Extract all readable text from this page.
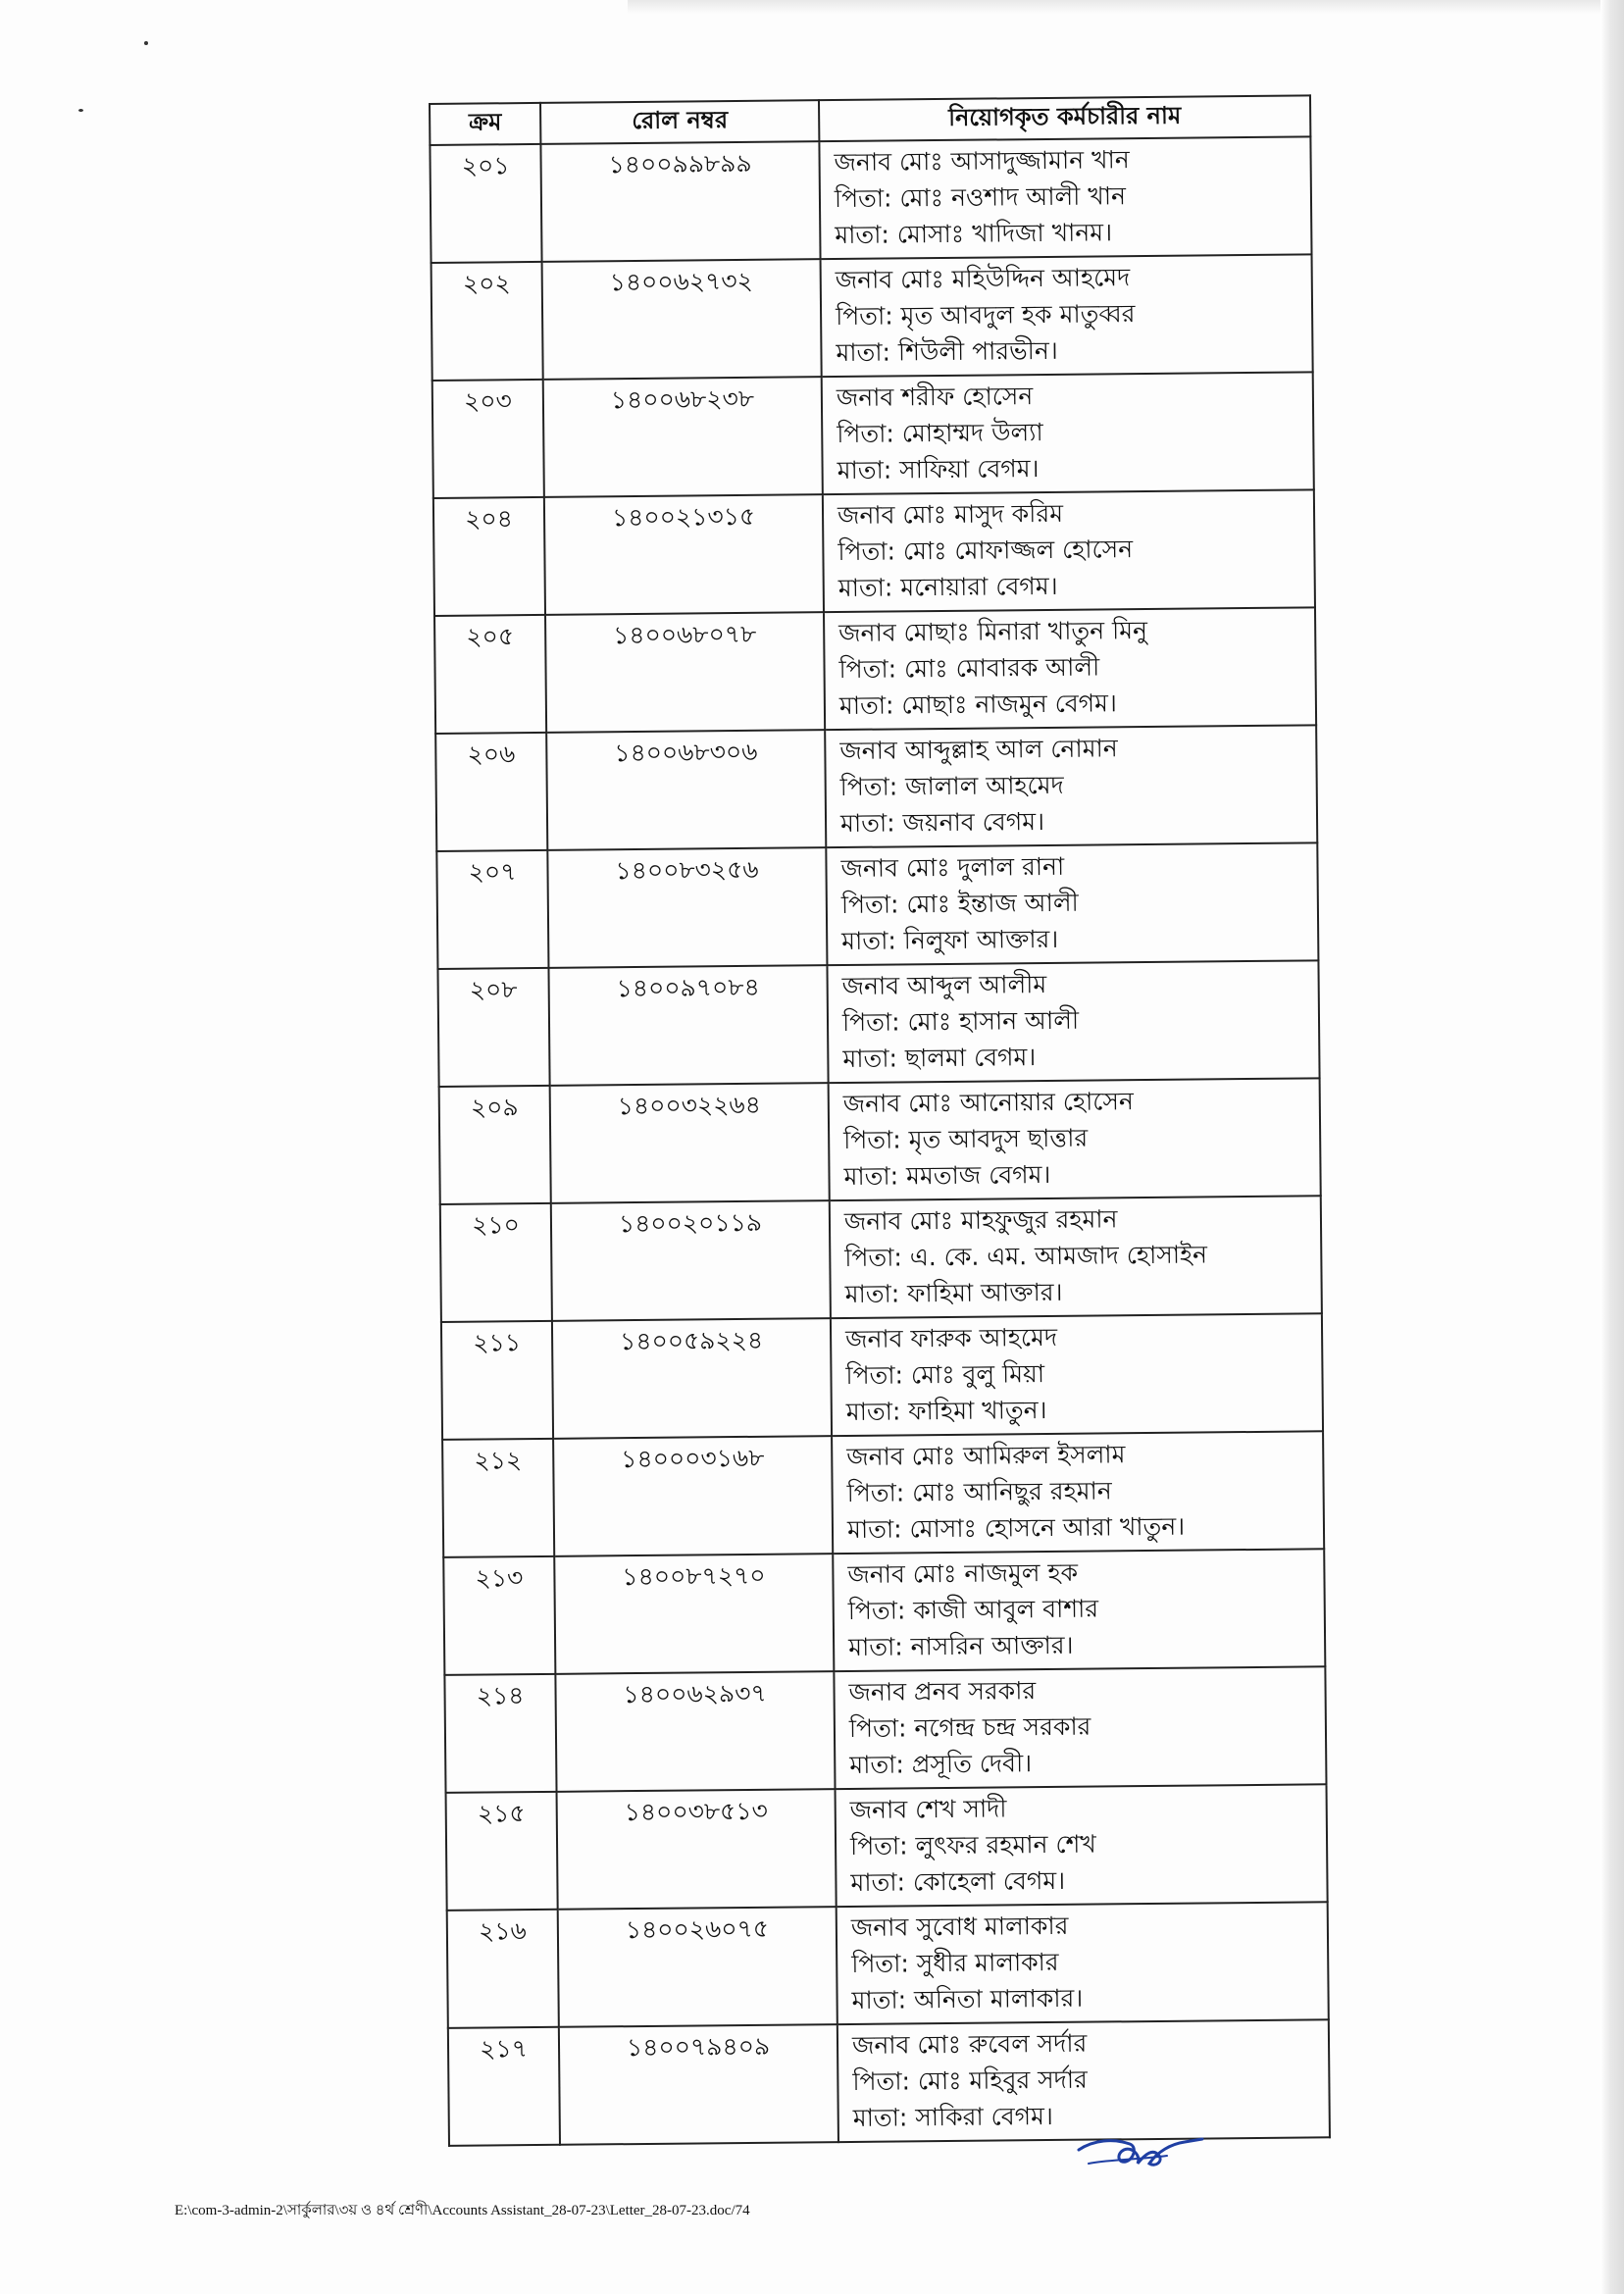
ক্রম	রোল নম্বর	নিয়োগকৃত কর্মচারীর নাম
২০১	১৪০০৯৯৮৯৯	জনাব মোঃ আসাদুজ্জামান খান
পিতা: মোঃ নওশাদ আলী খান
মাতা: মোসাঃ খাদিজা খানম।

২০২	১৪০০৬২৭৩২	জনাব মোঃ মহিউদ্দিন আহমেদ
পিতা: মৃত আবদুল হক মাতুব্বর
মাতা: শিউলী পারভীন।

২০৩	১৪০০৬৮২৩৮	জনাব শরীফ হোসেন
পিতা: মোহাম্মদ উল্যা
মাতা: সাফিয়া বেগম।

২০৪	১৪০০২১৩১৫	জনাব মোঃ মাসুদ করিম
পিতা: মোঃ মোফাজ্জল হোসেন
মাতা: মনোয়ারা বেগম।

২০৫	১৪০০৬৮০৭৮	জনাব মোছাঃ মিনারা খাতুন মিনু
পিতা: মোঃ মোবারক আলী
মাতা: মোছাঃ নাজমুন বেগম।

২০৬	১৪০০৬৮৩০৬	জনাব আব্দুল্লাহ আল নোমান
পিতা: জালাল আহমেদ
মাতা: জয়নাব বেগম।

২০৭	১৪০০৮৩২৫৬	জনাব মোঃ দুলাল রানা
পিতা: মোঃ ইন্তাজ আলী
মাতা: নিলুফা আক্তার।

২০৮	১৪০০৯৭০৮৪	জনাব আব্দুল আলীম
পিতা: মোঃ হাসান আলী
মাতা: ছালমা বেগম।

২০৯	১৪০০৩২২৬৪	জনাব মোঃ আনোয়ার হোসেন
পিতা: মৃত আবদুস ছাত্তার
মাতা: মমতাজ বেগম।

২১০	১৪০০২০১১৯	জনাব মোঃ মাহফুজুর রহমান
পিতা: এ. কে. এম. আমজাদ হোসাইন
মাতা: ফাহিমা আক্তার।

২১১	১৪০০৫৯২২৪	জনাব ফারুক আহমেদ
পিতা: মোঃ বুলু মিয়া
মাতা: ফাহিমা খাতুন।

২১২	১৪০০০৩১৬৮	জনাব মোঃ আমিরুল ইসলাম
পিতা: মোঃ আনিছুর রহমান
মাতা: মোসাঃ হোসনে আরা খাতুন।

২১৩	১৪০০৮৭২৭০	জনাব মোঃ নাজমুল হক
পিতা: কাজী আবুল বাশার
মাতা: নাসরিন আক্তার।

২১৪	১৪০০৬২৯৩৭	জনাব প্রনব সরকার
পিতা: নগেন্দ্র চন্দ্র সরকার
মাতা: প্রসূতি দেবী।

২১৫	১৪০০৩৮৫১৩	জনাব শেখ সাদী
পিতা: লুৎফর রহমান শেখ
মাতা: কোহেলা বেগম।

২১৬	১৪০০২৬০৭৫	জনাব সুবোধ মালাকার
পিতা: সুধীর মালাকার
মাতা: অনিতা মালাকার।

২১৭	১৪০০৭৯৪০৯	জনাব মোঃ রুবেল সর্দার
পিতা: মোঃ মহিবুর সর্দার
মাতা: সাকিরা বেগম।
E:\com-3-admin-2\সার্কুলার\৩য় ও ৪র্থ শ্রেণী\Accounts Assistant_28-07-23\Letter_28-07-23.doc/74
